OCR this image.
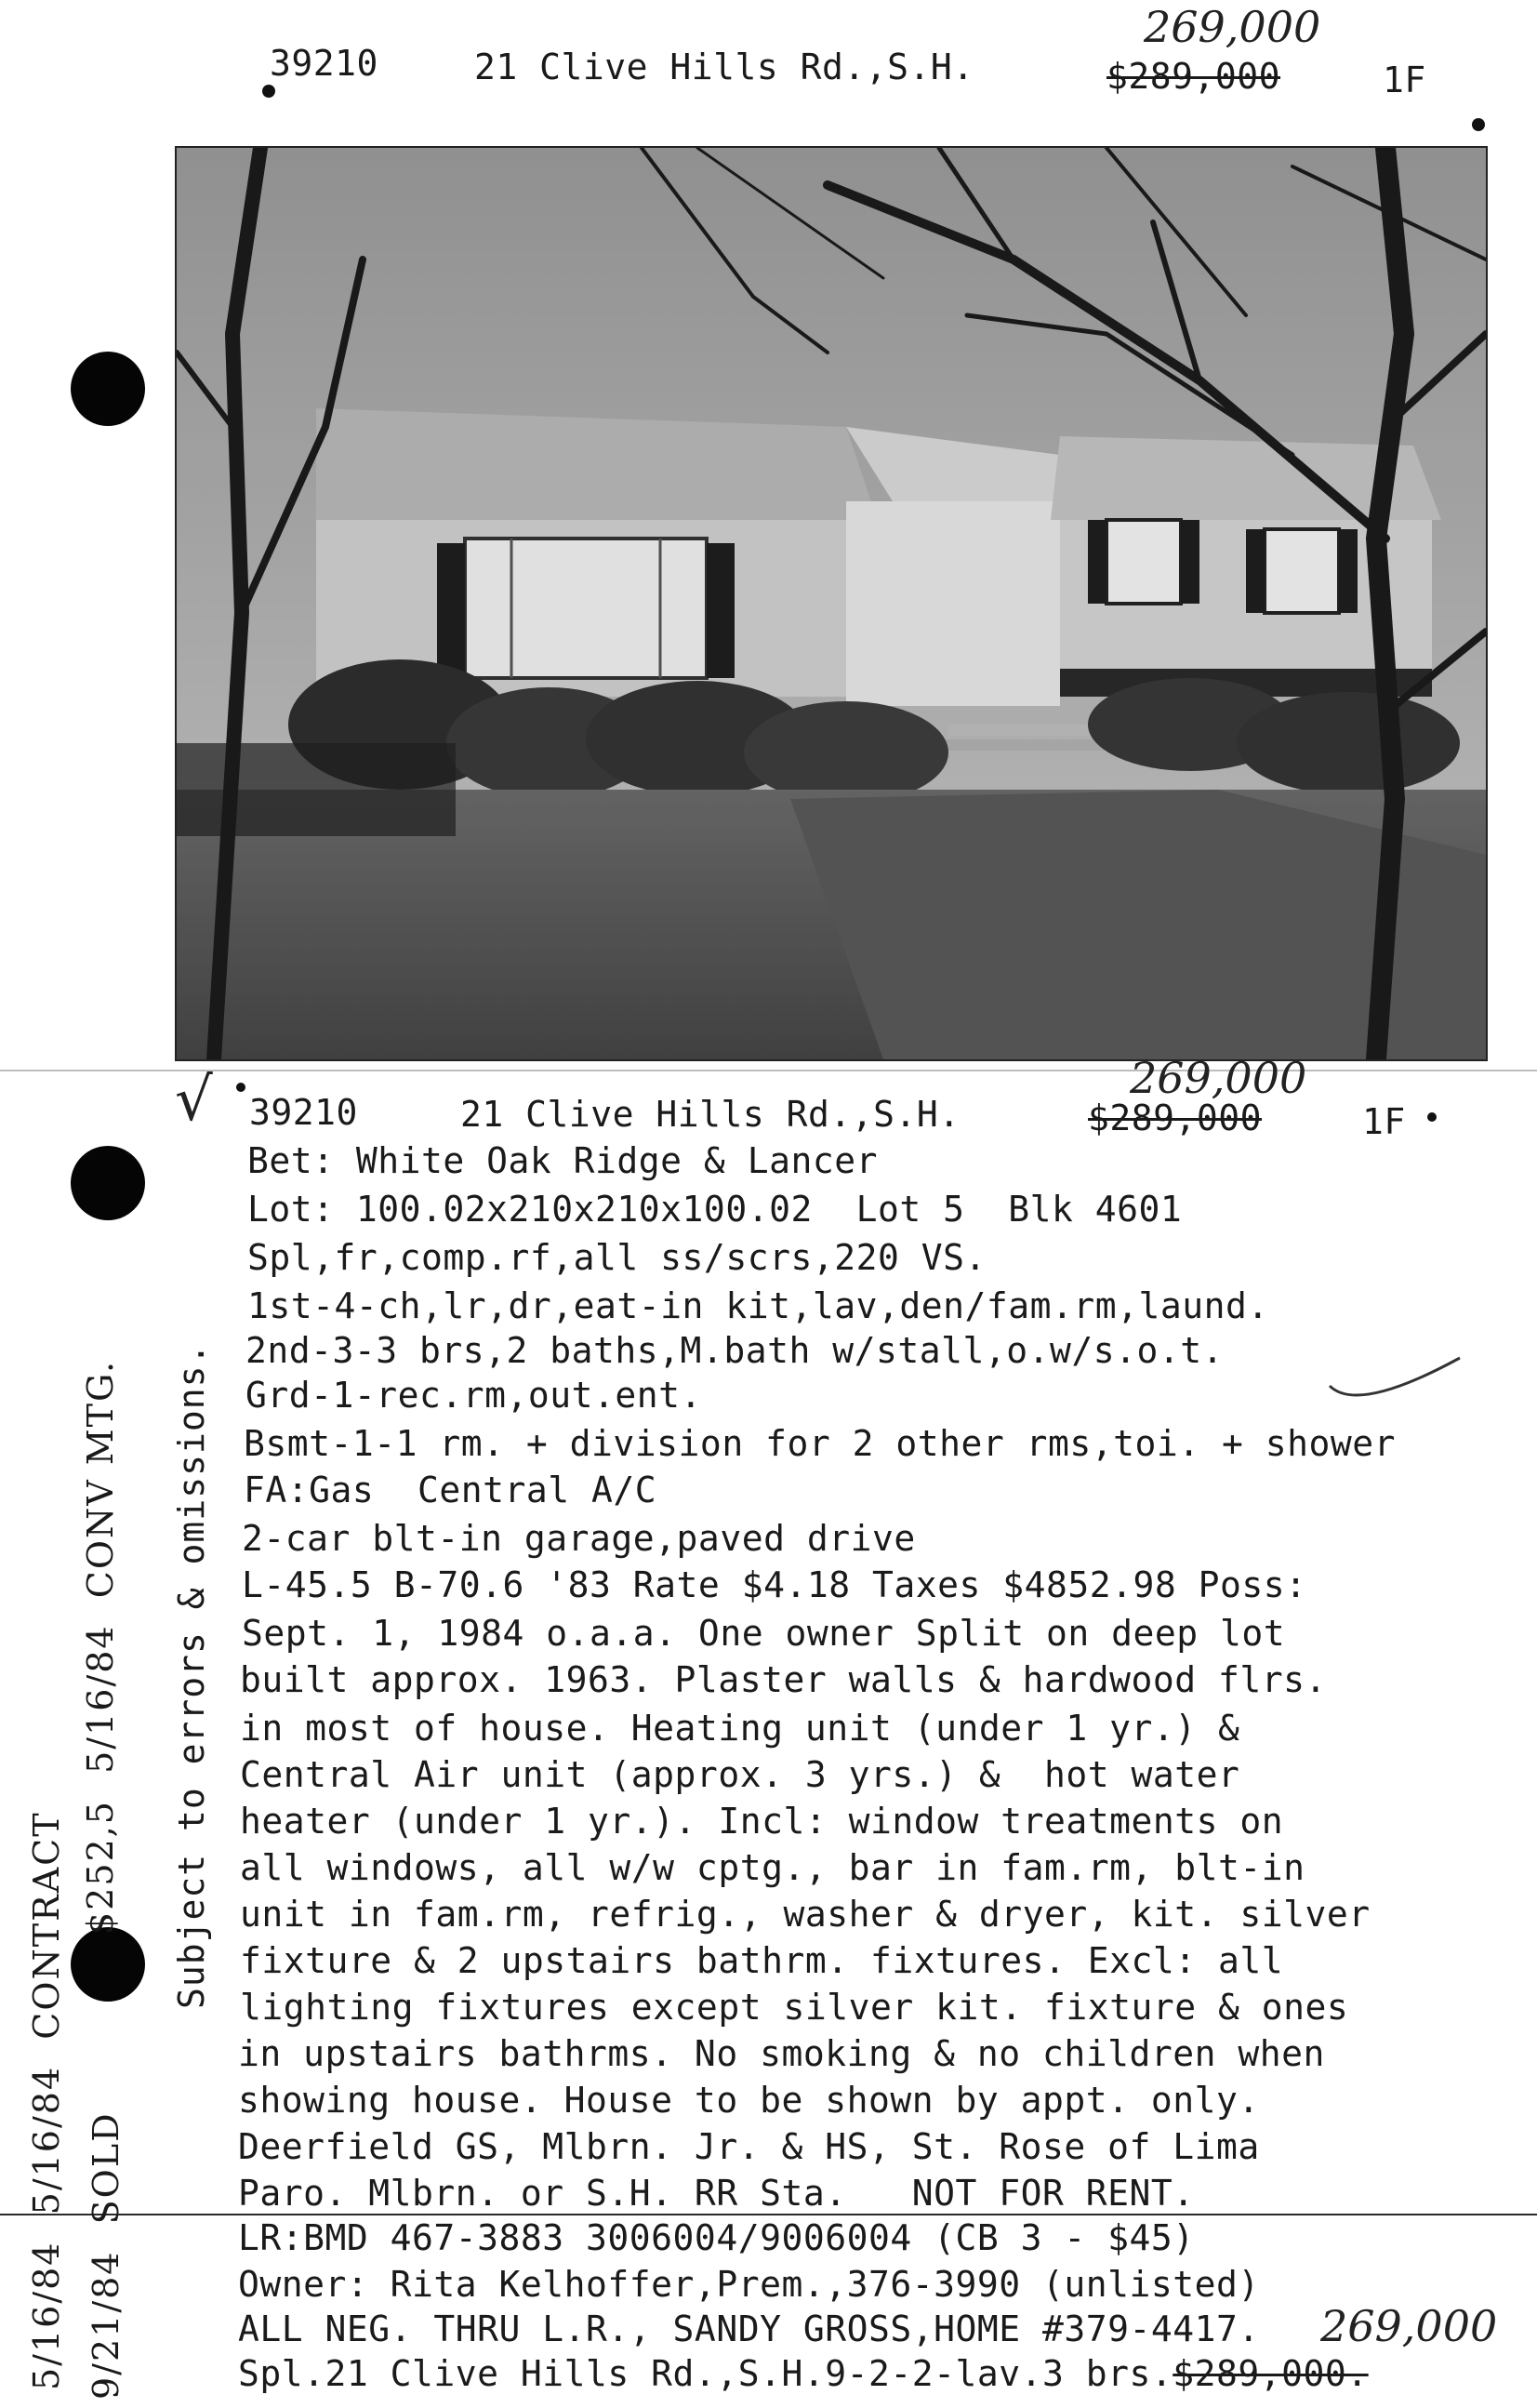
39210	21 Clive Hills Rd.,S.H.	$289,000
269,000
1F
√ 39210	21 Clive Hills Rd.,S.H.	$289,000
269,000
1F
Bet: White Oak Ridge & Lancer
Lot: 100.02x210x210x100.02  Lot 5  Blk 4601
Spl,fr,comp.rf,all ss/scrs,220 VS.
1st-4-ch,lr,dr,eat-in kit,lav,den/fam.rm,laund.
2nd-3-3 brs,2 baths,M.bath w/stall,o.w/s.o.t.
Grd-1-rec.rm,out.ent.
Bsmt-1-1 rm. + division for 2 other rms,toi. + shower
FA:Gas  Central A/C
2-car blt-in garage,paved drive
L-45.5 B-70.6 '83 Rate $4.18 Taxes $4852.98 Poss:
Sept. 1, 1984 o.a.a. One owner Split on deep lot
built approx. 1963. Plaster walls & hardwood flrs.
in most of house. Heating unit (under 1 yr.) &
Central Air unit (approx. 3 yrs.) &  hot water
heater (under 1 yr.). Incl: window treatments on
all windows, all w/w cptg., bar in fam.rm, blt-in
unit in fam.rm, refrig., washer & dryer, kit. silver
fixture & 2 upstairs bathrm. fixtures. Excl: all
lighting fixtures except silver kit. fixture & ones
in upstairs bathrms. No smoking & no children when
showing house. House to be shown by appt. only.
Deerfield GS, Mlbrn. Jr. & HS, St. Rose of Lima
Paro. Mlbrn. or S.H. RR Sta.   NOT FOR RENT.
LR:BMD 467-3883 3006004/9006004 (CB 3 - $45)
Owner: Rita Kelhoffer,Prem.,376-3990 (unlisted)
ALL NEG. THRU L.R., SANDY GROSS,HOME #379-4417.
Spl.21 Clive Hills Rd.,S.H.9-2-2-lav.3 brs.$289,000.
269,000
Subject to errors & omissions.
$252,5  5/16/84  CONV MTG.
5/16/84  5/16/84  CONTRACT 9/21/84  SOLD
